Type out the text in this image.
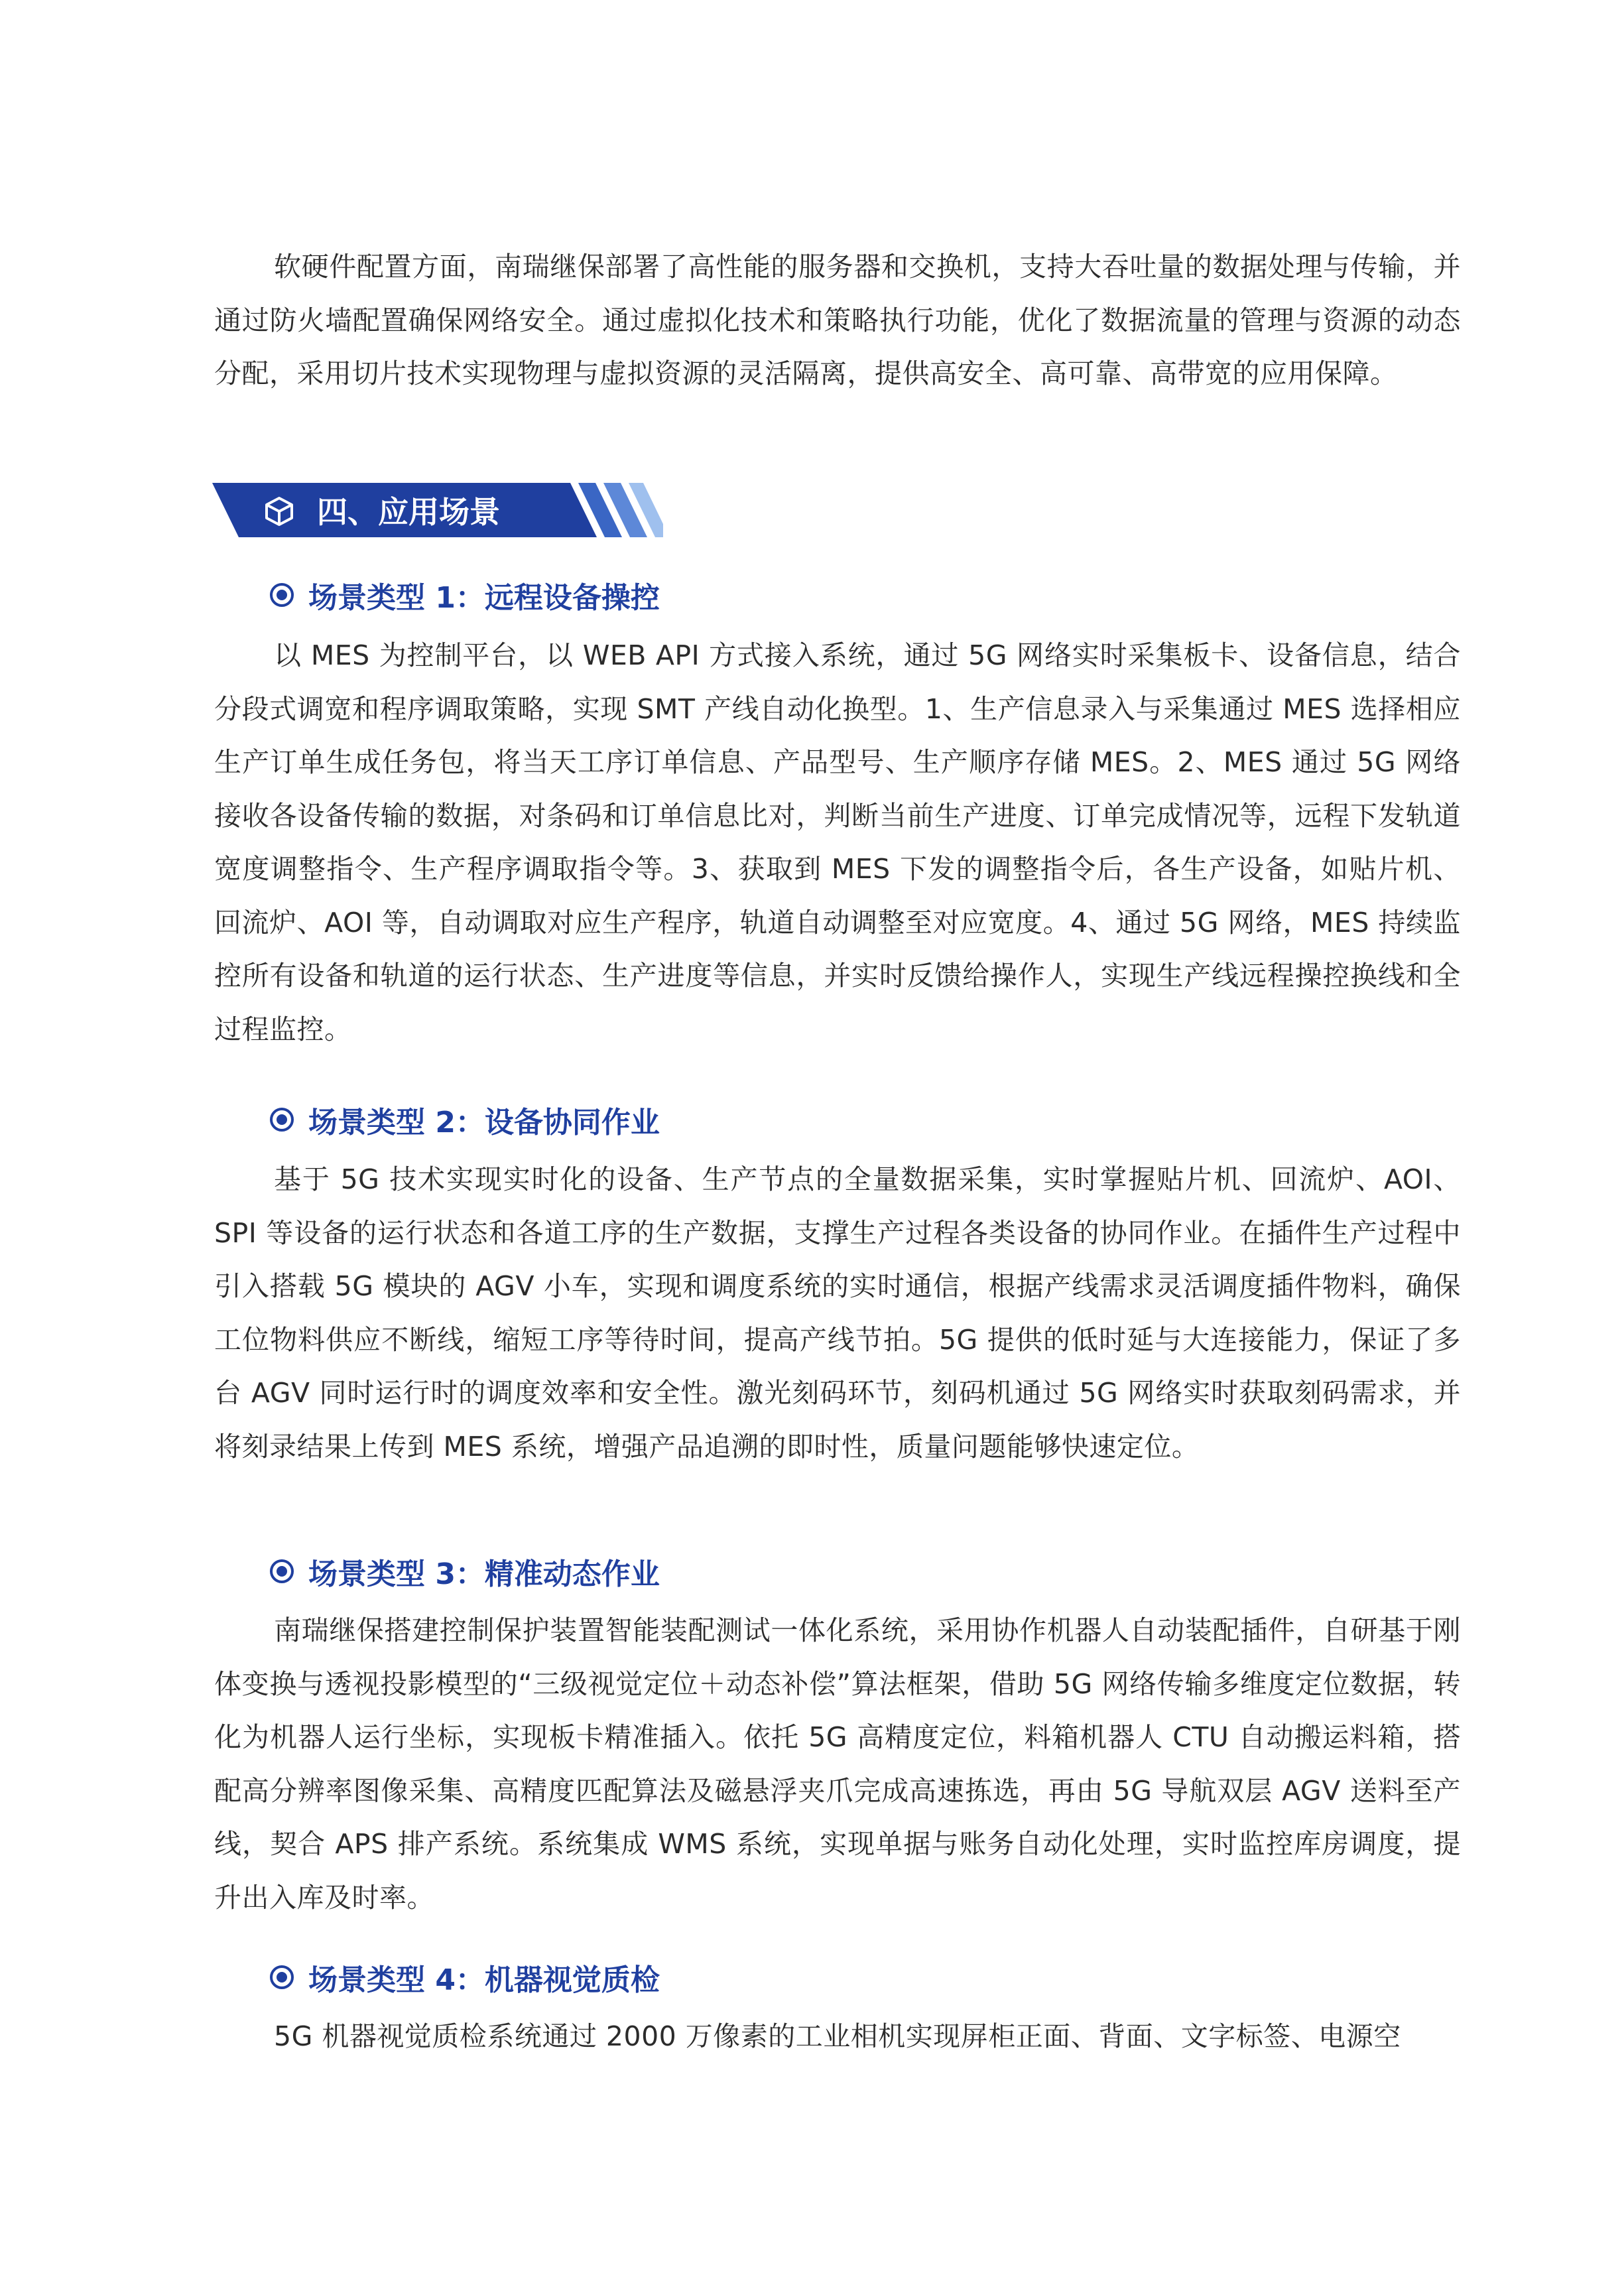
软硬件配置方面，南瑞继保部署了高性能的服务器和交换机，支持大吞吐量的数据处理与传输，并通过防火墙配置确保网络安全。通过虚拟化技术和策略执行功能，优化了数据流量的管理与资源的动态分配，采用切片技术实现物理与虚拟资源的灵活隔离，提供高安全、高可靠、高带宽的应用保障。

四、应用场景
场景类型 1：远程设备操控

以 MES 为控制平台，以 WEB API 方式接入系统，通过 5G 网络实时采集板卡、设备信息，结合分段式调宽和程序调取策略，实现 SMT 产线自动化换型。1、生产信息录入与采集通过 MES 选择相应生产订单生成任务包，将当天工序订单信息、产品型号、生产顺序存储 MES。2、MES 通过 5G 网络接收各设备传输的数据，对条码和订单信息比对，判断当前生产进度、订单完成情况等，远程下发轨道宽度调整指令、生产程序调取指令等。3、获取到 MES 下发的调整指令后，各生产设备，如贴片机、回流炉、AOI 等，自动调取对应生产程序，轨道自动调整至对应宽度。4、通过 5G 网络，MES 持续监控所有设备和轨道的运行状态、生产进度等信息，并实时反馈给操作人，实现生产线远程操控换线和全过程监控。

场景类型 2：设备协同作业

基于 5G 技术实现实时化的设备、生产节点的全量数据采集，实时掌握贴片机、回流炉、AOI、SPI 等设备的运行状态和各道工序的生产数据，支撑生产过程各类设备的协同作业。在插件生产过程中引入搭载 5G 模块的 AGV 小车，实现和调度系统的实时通信，根据产线需求灵活调度插件物料，确保工位物料供应不断线，缩短工序等待时间，提高产线节拍。5G 提供的低时延与大连接能力，保证了多台 AGV 同时运行时的调度效率和安全性。激光刻码环节，刻码机通过 5G 网络实时获取刻码需求，并将刻录结果上传到 MES 系统，增强产品追溯的即时性，质量问题能够快速定位。

场景类型 3：精准动态作业

南瑞继保搭建控制保护装置智能装配测试一体化系统，采用协作机器人自动装配插件，自研基于刚体变换与透视投影模型的“三级视觉定位＋动态补偿”算法框架，借助 5G 网络传输多维度定位数据，转化为机器人运行坐标，实现板卡精准插入。依托 5G 高精度定位，料箱机器人 CTU 自动搬运料箱，搭配高分辨率图像采集、高精度匹配算法及磁悬浮夹爪完成高速拣选，再由 5G 导航双层 AGV 送料至产线，契合 APS 排产系统。系统集成 WMS 系统，实现单据与账务自动化处理，实时监控库房调度，提升出入库及时率。

场景类型 4：机器视觉质检

5G 机器视觉质检系统通过 2000 万像素的工业相机实现屏柜正面、背面、文字标签、电源空
